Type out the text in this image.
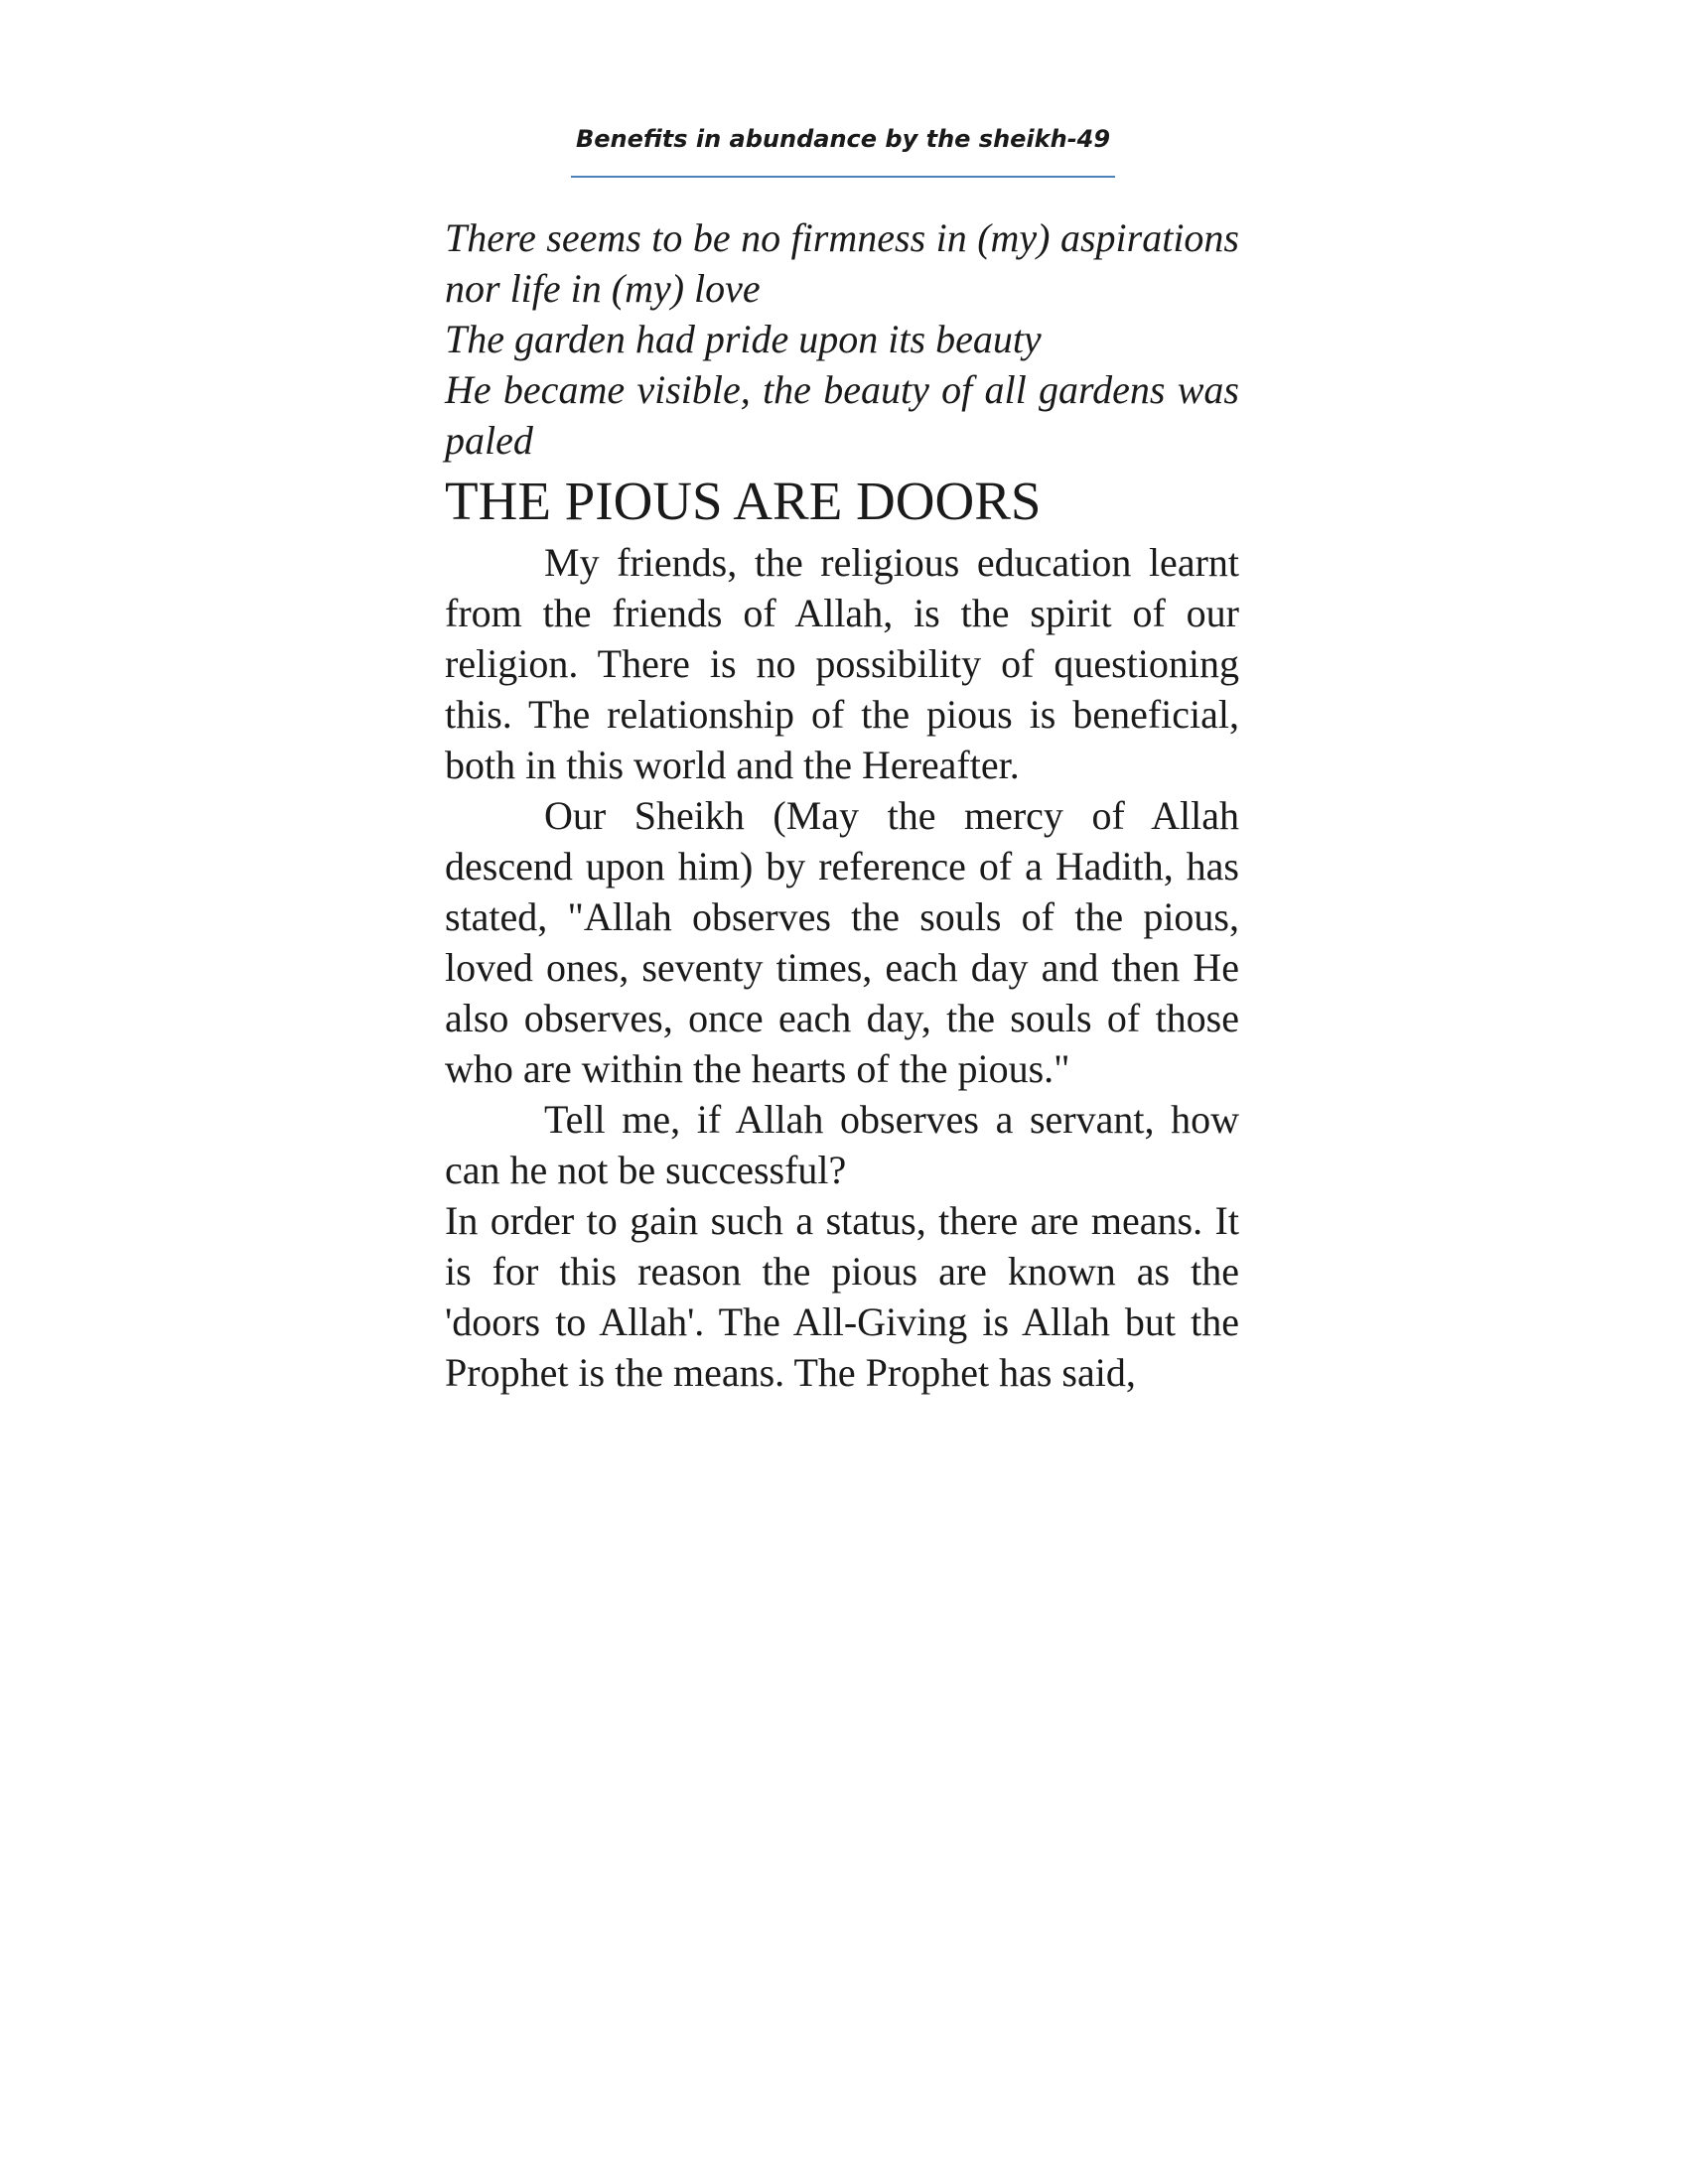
Benefits in abundance by the sheikh-49

There seems to be no firmness in (my) aspirations nor life in (my) love

The garden had pride upon its beauty

He became visible, the beauty of all gardens was paled

THE PIOUS ARE DOORS

My friends, the religious education learnt from the friends of Allah, is the spirit of our religion. There is no possibility of questioning this. The relationship of the pious is beneficial, both in this world and the Hereafter.

Our Sheikh (May the mercy of Allah descend upon him) by reference of a Hadith, has stated, "Allah observes the souls of the pious, loved ones, seventy times, each day and then He also observes, once each day, the souls of those who are within the hearts of the pious."

Tell me, if Allah observes a servant, how can he not be successful?

In order to gain such a status, there are means. It is for this reason the pious are known as the 'doors to Allah'. The All-Giving is Allah but the Prophet is the means. The Prophet has said,
